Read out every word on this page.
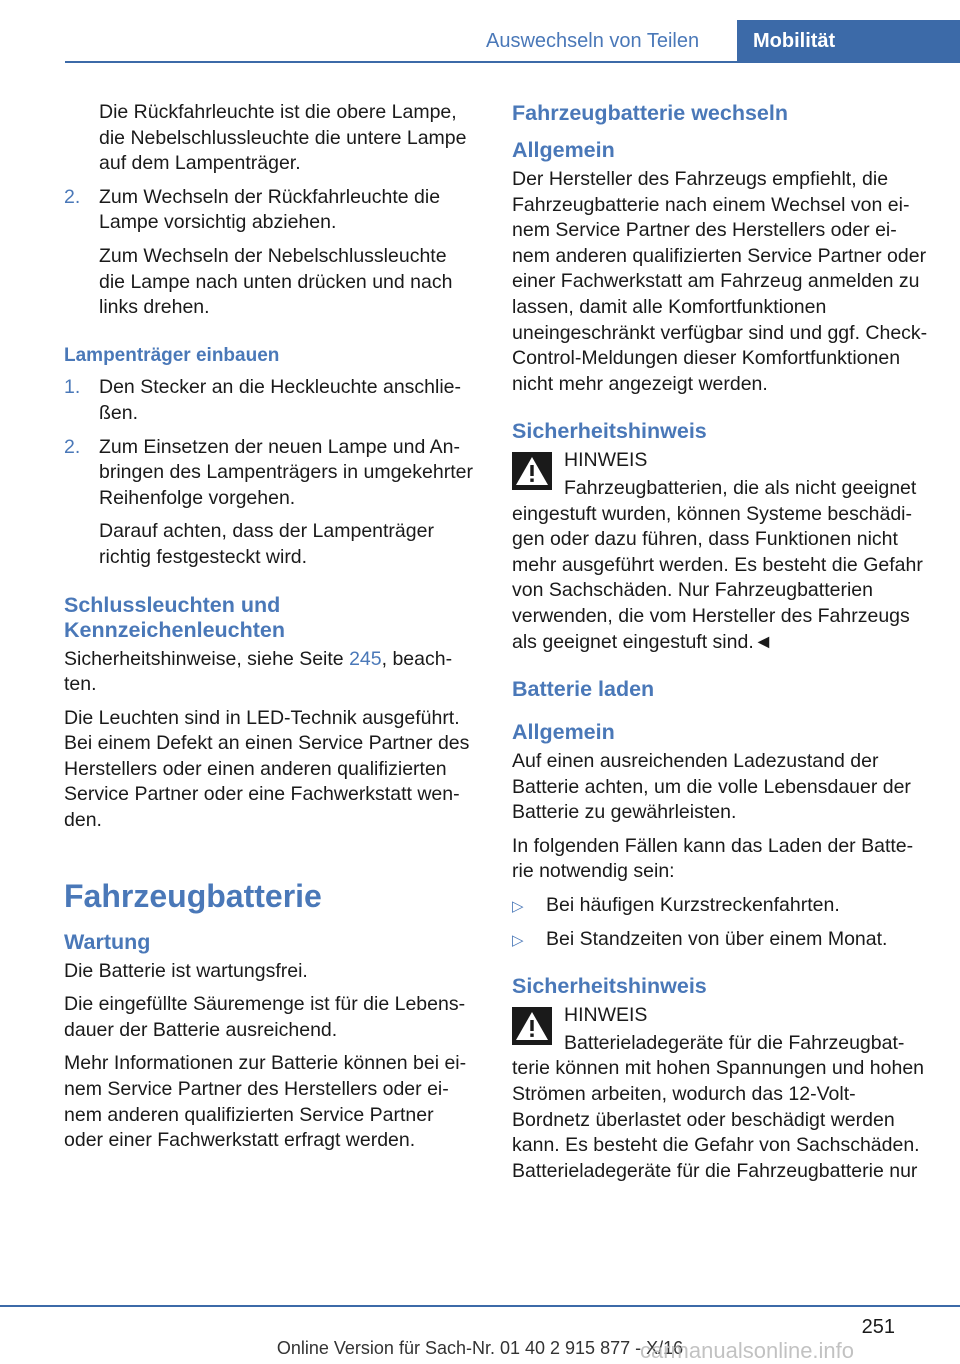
Auswechseln von Teilen	Mobilität

Die Rückfahrleuchte ist die obere Lampe, die Nebelschlussleuchte die untere Lampe auf dem Lampenträger.

2. Zum Wechseln der Rückfahrleuchte die Lampe vorsichtig abziehen.

Zum Wechseln der Nebelschlussleuchte die Lampe nach unten drücken und nach links drehen.

Lampenträger einbauen
1. Den Stecker an die Heckleuchte anschließen.

2. Zum Einsetzen der neuen Lampe und Anbringen des Lampenträgers in umgekehrter Reihenfolge vorgehen.

Darauf achten, dass der Lampenträger richtig festgesteckt wird.

Schlussleuchten und Kennzeichenleuchten

Sicherheitshinweise, siehe Seite 245, beachten.

Die Leuchten sind in LED-Technik ausgeführt. Bei einem Defekt an einen Service Partner des Herstellers oder einen anderen qualifizierten Service Partner oder eine Fachwerkstatt wenden.

Fahrzeugbatterie
Wartung

Die Batterie ist wartungsfrei.

Die eingefüllte Säuremenge ist für die Lebensdauer der Batterie ausreichend.

Mehr Informationen zur Batterie können bei einem Service Partner des Herstellers oder einem anderen qualifizierten Service Partner oder einer Fachwerkstatt erfragt werden.

Fahrzeugbatterie wechseln
Allgemein

Der Hersteller des Fahrzeugs empfiehlt, die Fahrzeugbatterie nach einem Wechsel von einem Service Partner des Herstellers oder einem anderen qualifizierten Service Partner oder einer Fachwerkstatt am Fahrzeug anmelden zu lassen, damit alle Komfortfunktionen uneingeschränkt verfügbar sind und ggf. Check-Control-Meldungen dieser Komfortfunktionen nicht mehr angezeigt werden.

Sicherheitshinweis

HINWEIS

Fahrzeugbatterien, die als nicht geeignet eingestuft wurden, können Systeme beschädigen oder dazu führen, dass Funktionen nicht mehr ausgeführt werden. Es besteht die Gefahr von Sachschäden. Nur Fahrzeugbatterien verwenden, die vom Hersteller des Fahrzeugs als geeignet eingestuft sind.◄

Batterie laden
Allgemein

Auf einen ausreichenden Ladezustand der Batterie achten, um die volle Lebensdauer der Batterie zu gewährleisten.

In folgenden Fällen kann das Laden der Batterie notwendig sein:

▷ Bei häufigen Kurzstreckenfahrten.
▷ Bei Standzeiten von über einem Monat.
Sicherheitshinweis

HINWEIS

Batterieladegeräte für die Fahrzeugbatterie können mit hohen Spannungen und hohen Strömen arbeiten, wodurch das 12-Volt-Bordnetz überlastet oder beschädigt werden kann. Es besteht die Gefahr von Sachschäden. Batterieladegeräte für die Fahrzeugbatterie nur

251
Online Version für Sach-Nr. 01 40 2 915 877 - X/16
carmanualsonline.info
